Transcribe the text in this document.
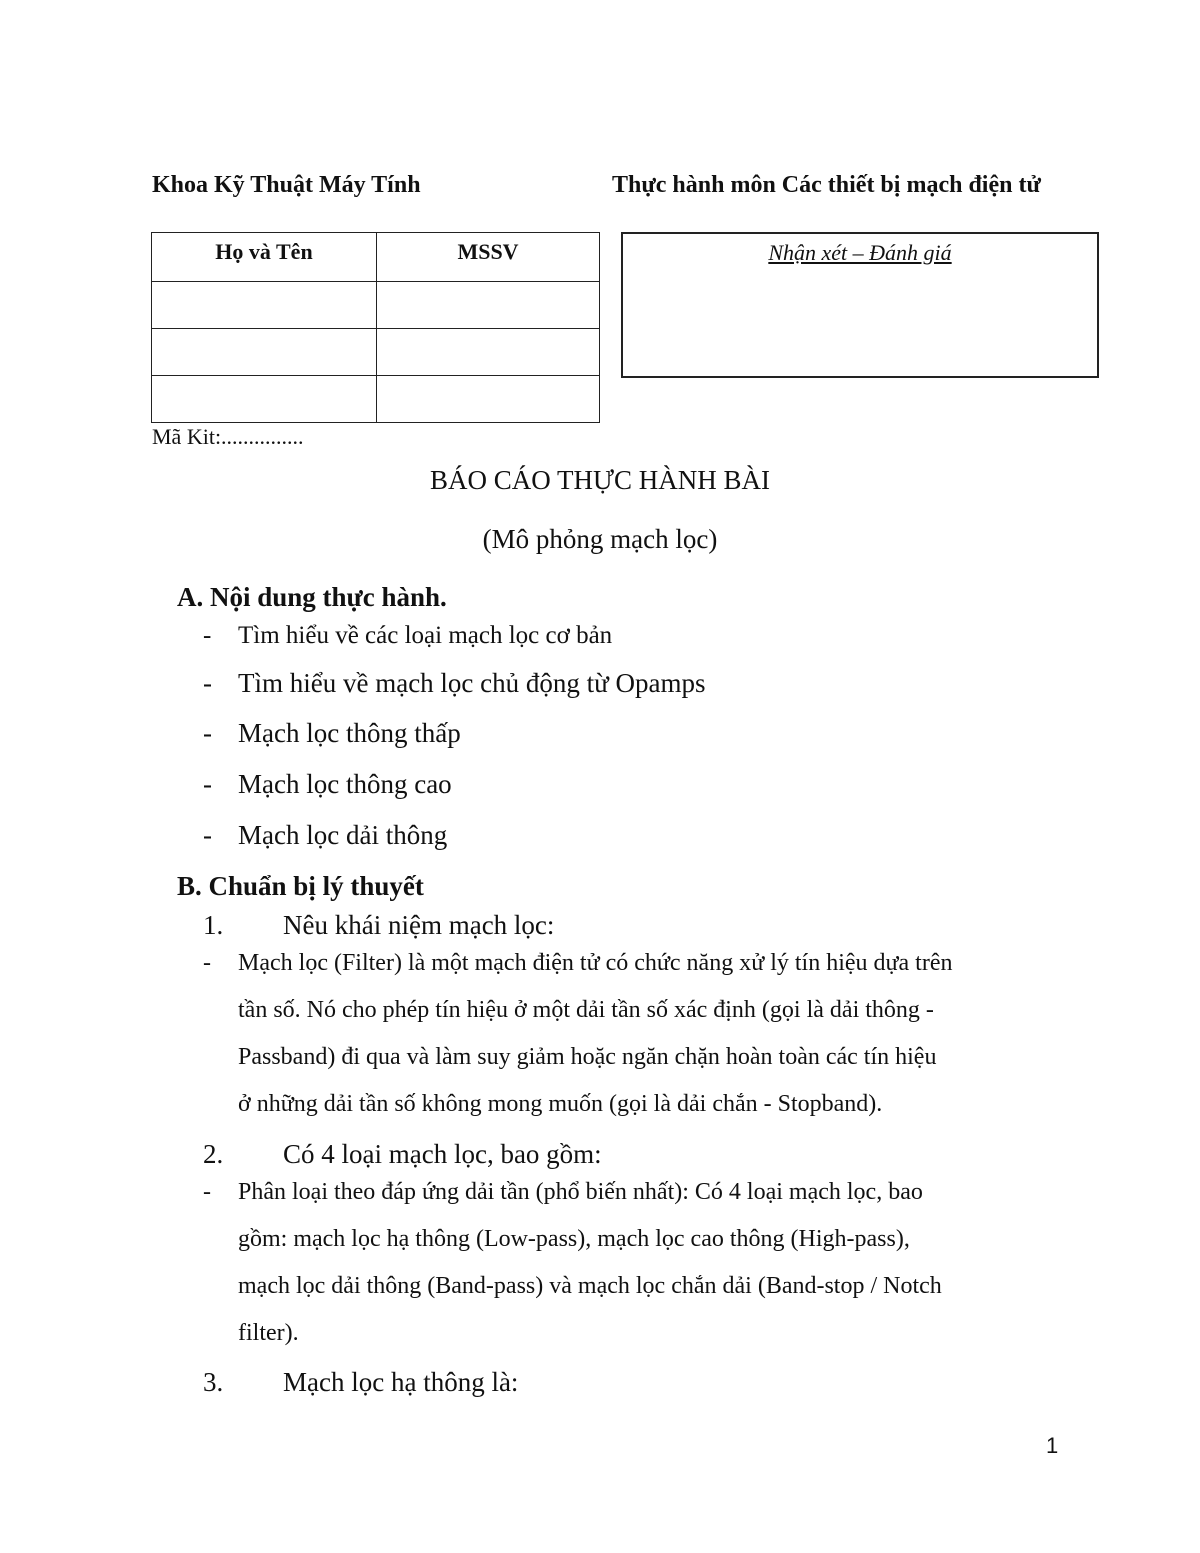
Khoa Kỹ Thuật Máy Tính	Thực hành môn Các thiết bị mạch điện tử
Họ và Tên	MSSV

		Nhận xét – Đánh giá
Mã Kit:...............
BÁO CÁO THỰC HÀNH BÀI
(Mô phỏng mạch lọc)
A. Nội dung thực hành.
- Tìm hiểu về các loại mạch lọc cơ bản
- Tìm hiểu về mạch lọc chủ động từ Opamps
- Mạch lọc thông thấp
- Mạch lọc thông cao
- Mạch lọc dải thông
B. Chuẩn bị lý thuyết
1. Nêu khái niệm mạch lọc:
- Mạch lọc (Filter) là một mạch điện tử có chức năng xử lý tín hiệu dựa trên
tần số. Nó cho phép tín hiệu ở một dải tần số xác định (gọi là dải thông -
Passband) đi qua và làm suy giảm hoặc ngăn chặn hoàn toàn các tín hiệu
ở những dải tần số không mong muốn (gọi là dải chắn - Stopband).
2. Có 4 loại mạch lọc, bao gồm:
- Phân loại theo đáp ứng dải tần (phổ biến nhất): Có 4 loại mạch lọc, bao
gồm: mạch lọc hạ thông (Low-pass), mạch lọc cao thông (High-pass),
mạch lọc dải thông (Band-pass) và mạch lọc chắn dải (Band-stop / Notch
filter).
3. Mạch lọc hạ thông là:
1
